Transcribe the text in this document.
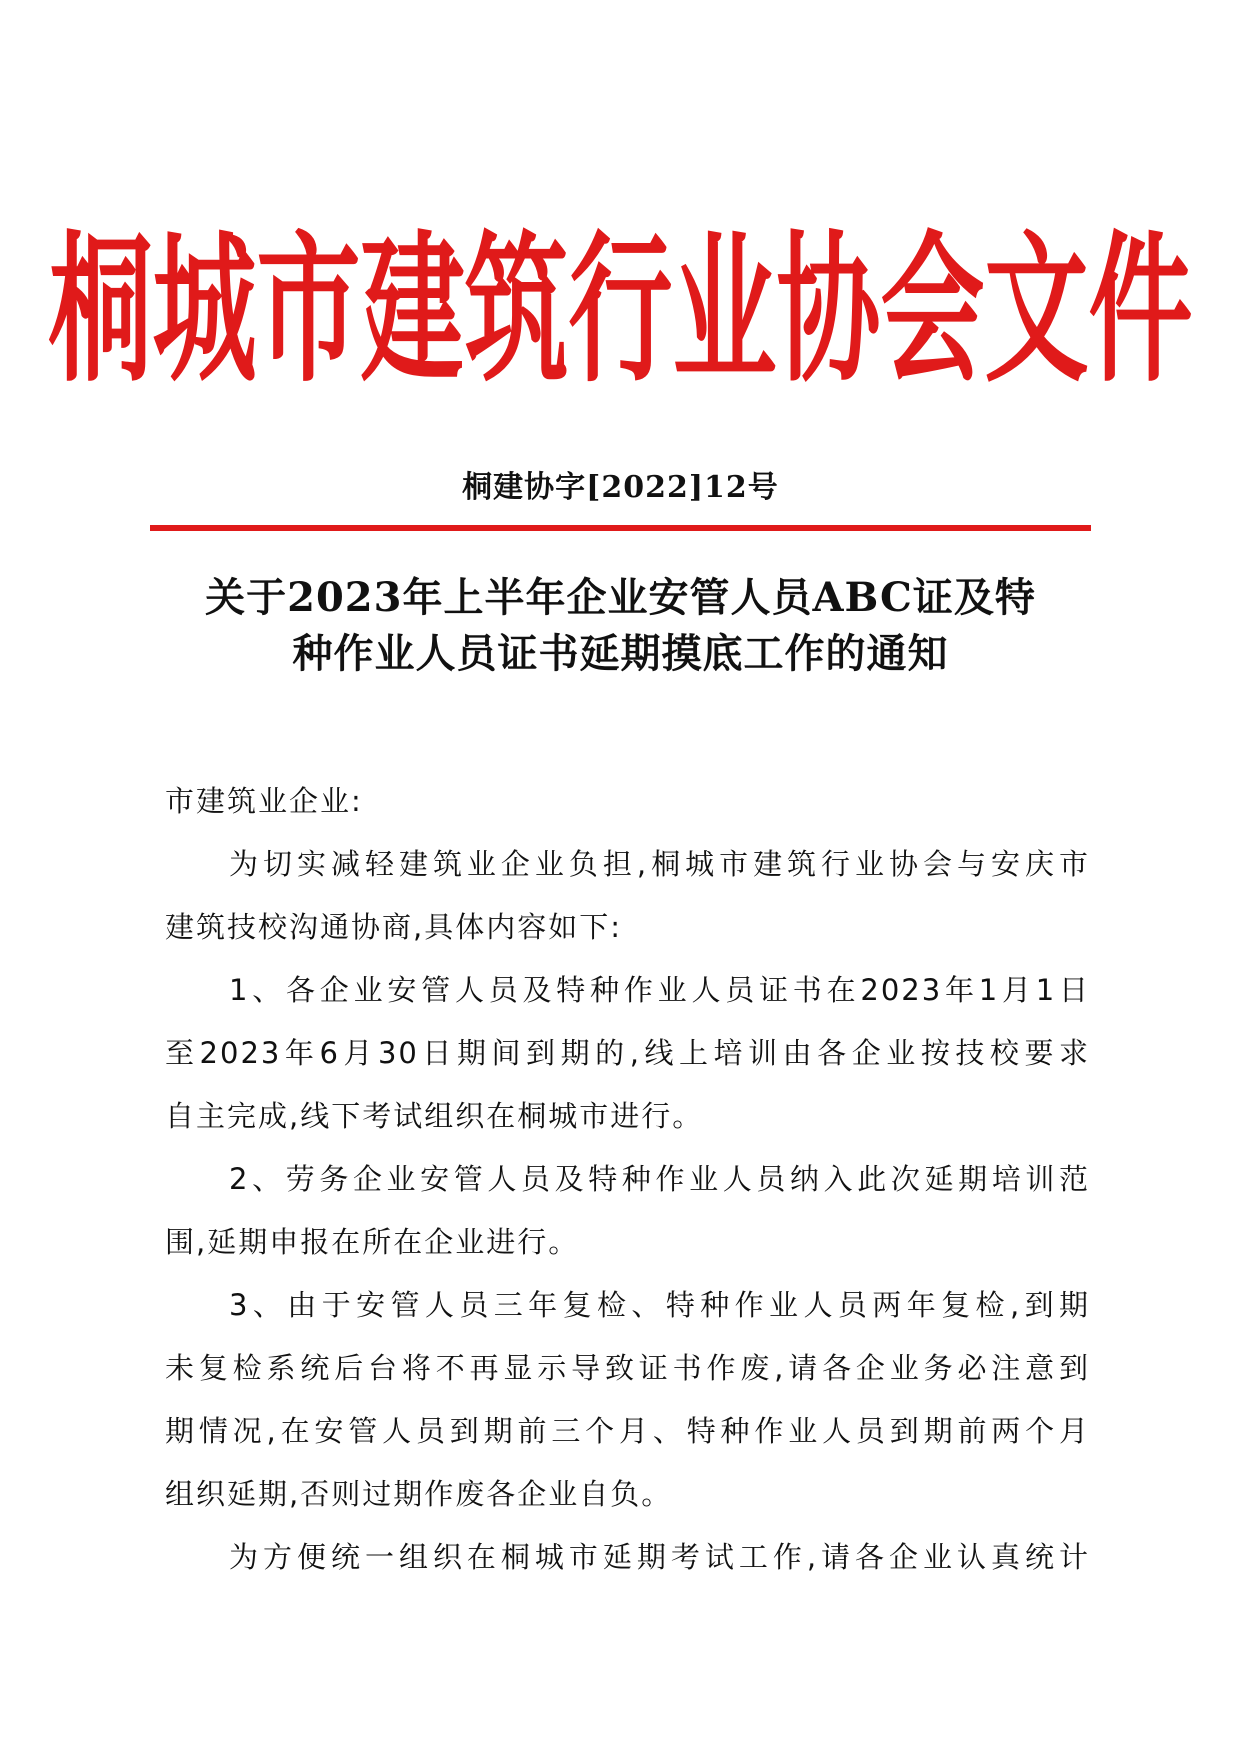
桐城市建筑行业协会文件
桐建协字[2022]12号
关于2023年上半年企业安管人员ABC证及特
种作业人员证书延期摸底工作的通知

市建筑业企业:

为切实减轻建筑业企业负担,桐城市建筑行业协会与安庆市

建筑技校沟通协商,具体内容如下:

1、各企业安管人员及特种作业人员证书在2023年1月1日

至2023年6月30日期间到期的,线上培训由各企业按技校要求

自主完成,线下考试组织在桐城市进行。

2、劳务企业安管人员及特种作业人员纳入此次延期培训范

围,延期申报在所在企业进行。

3、由于安管人员三年复检、特种作业人员两年复检,到期

未复检系统后台将不再显示导致证书作废,请各企业务必注意到

期情况,在安管人员到期前三个月、特种作业人员到期前两个月

组织延期,否则过期作废各企业自负。

为方便统一组织在桐城市延期考试工作,请各企业认真统计
